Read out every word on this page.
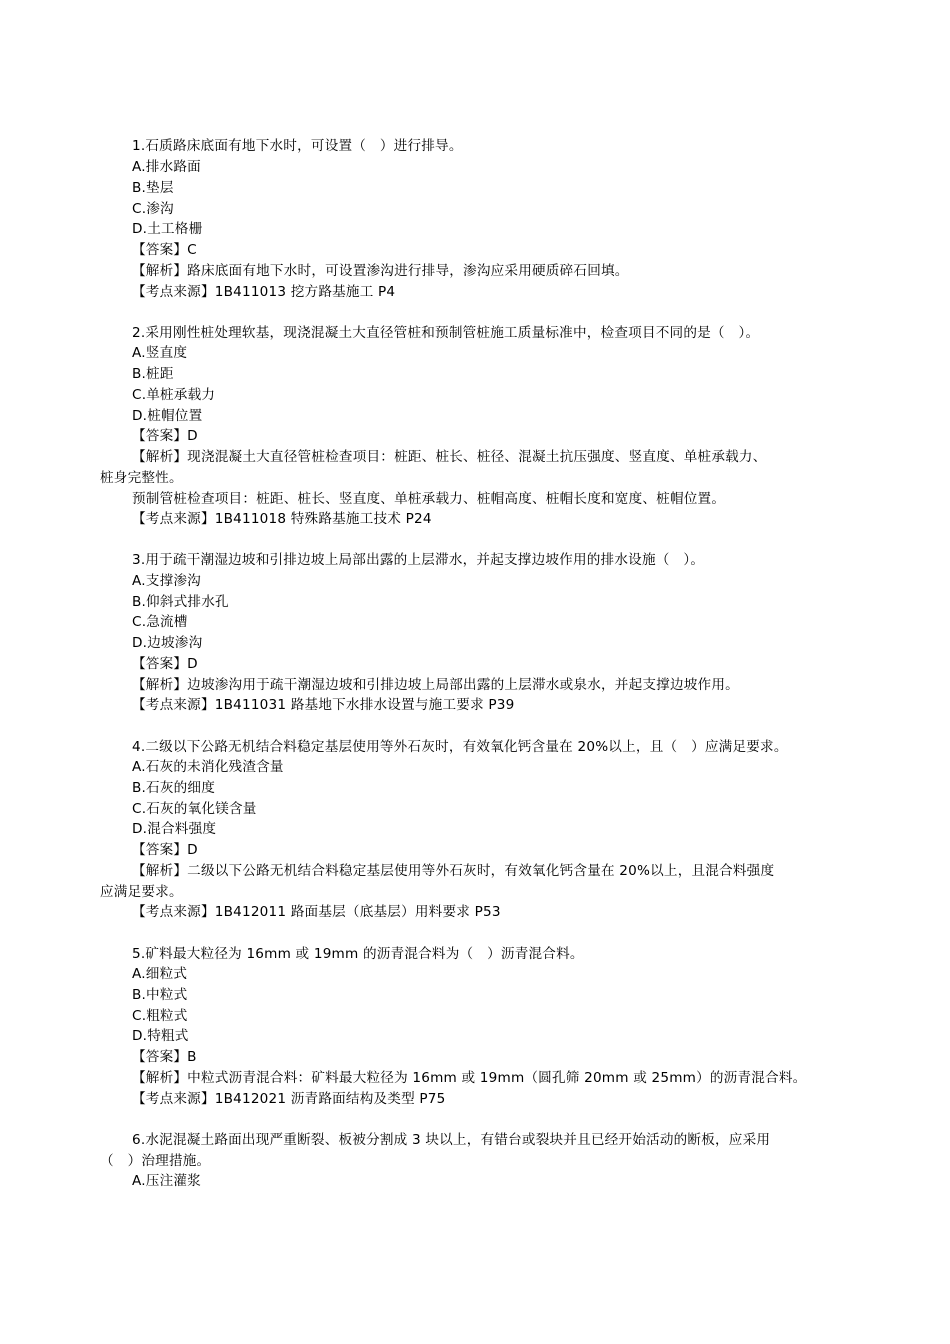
1.石质路床底面有地下水时，可设置（　）进行排导。
A.排水路面
B.垫层
C.渗沟
D.土工格栅
【答案】C
【解析】路床底面有地下水时，可设置渗沟进行排导，渗沟应采用硬质碎石回填。
【考点来源】1B411013 挖方路基施工 P4
2.采用刚性桩处理软基，现浇混凝土大直径管桩和预制管桩施工质量标准中，检查项目不同的是（　）。
A.竖直度
B.桩距
C.单桩承载力
D.桩帽位置
【答案】D
【解析】现浇混凝土大直径管桩检查项目：桩距、桩长、桩径、混凝土抗压强度、竖直度、单桩承载力、
桩身完整性。
预制管桩检查项目：桩距、桩长、竖直度、单桩承载力、桩帽高度、桩帽长度和宽度、桩帽位置。
【考点来源】1B411018 特殊路基施工技术 P24
3.用于疏干潮湿边坡和引排边坡上局部出露的上层滞水，并起支撑边坡作用的排水设施（　）。
A.支撑渗沟
B.仰斜式排水孔
C.急流槽
D.边坡渗沟
【答案】D
【解析】边坡渗沟用于疏干潮湿边坡和引排边坡上局部出露的上层滞水或泉水，并起支撑边坡作用。
【考点来源】1B411031 路基地下水排水设置与施工要求 P39
4.二级以下公路无机结合料稳定基层使用等外石灰时，有效氧化钙含量在 20%以上，且（　）应满足要求。
A.石灰的未消化残渣含量
B.石灰的细度
C.石灰的氧化镁含量
D.混合料强度
【答案】D
【解析】二级以下公路无机结合料稳定基层使用等外石灰时，有效氧化钙含量在 20%以上，且混合料强度
应满足要求。
【考点来源】1B412011 路面基层（底基层）用料要求 P53
5.矿料最大粒径为 16mm 或 19mm 的沥青混合料为（　）沥青混合料。
A.细粒式
B.中粒式
C.粗粒式
D.特粗式
【答案】B
【解析】中粒式沥青混合料：矿料最大粒径为 16mm 或 19mm（圆孔筛 20mm 或 25mm）的沥青混合料。
【考点来源】1B412021 沥青路面结构及类型 P75
6.水泥混凝土路面出现严重断裂、板被分割成 3 块以上，有错台或裂块并且已经开始活动的断板，应采用
（　）治理措施。
A.压注灌浆
